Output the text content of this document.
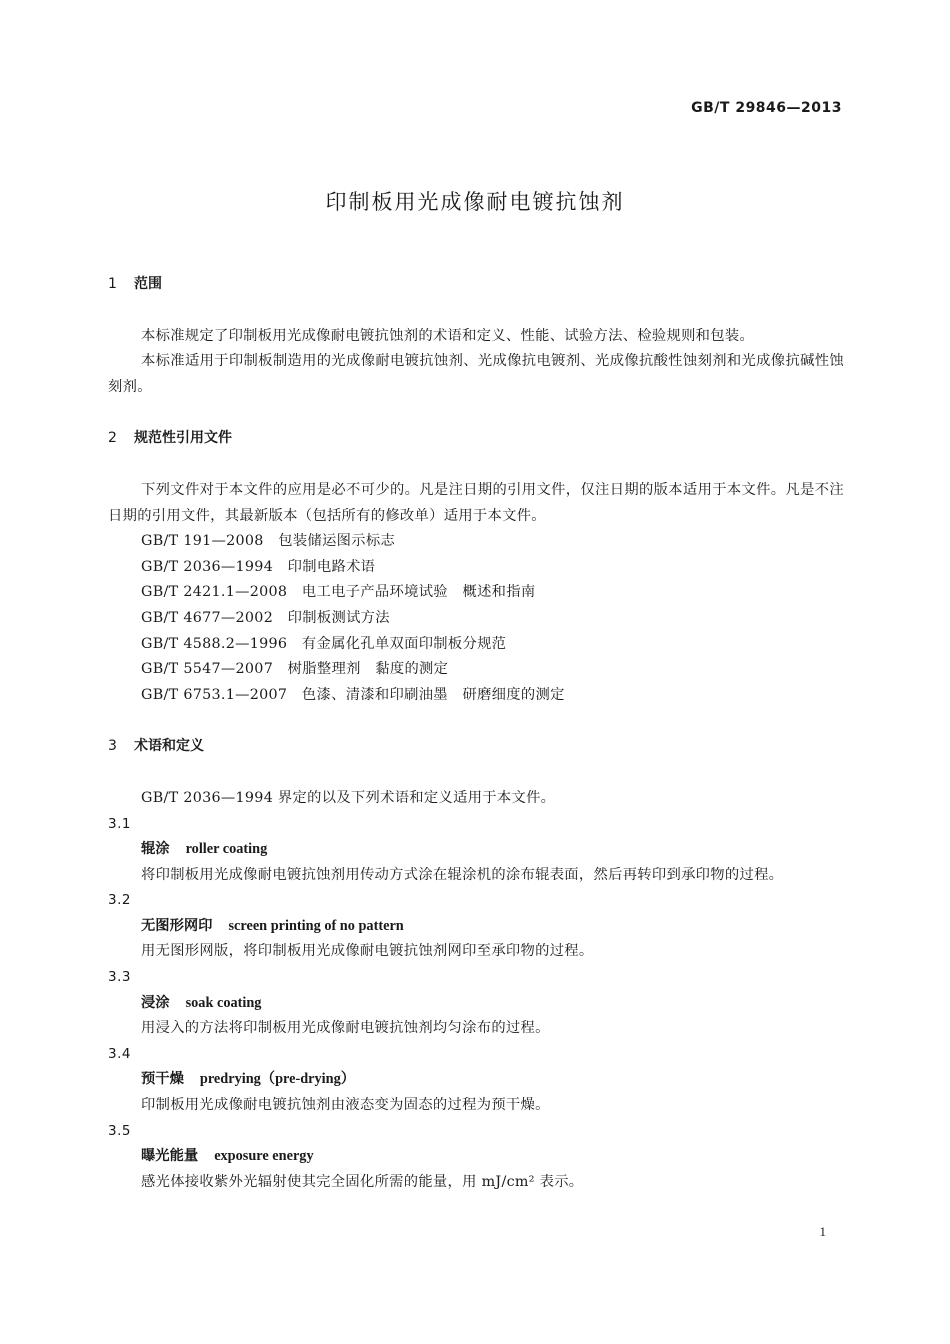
GB/T 29846—2013
印制板用光成像耐电镀抗蚀剂
1 范围
本标准规定了印制板用光成像耐电镀抗蚀剂的术语和定义、性能、试验方法、检验规则和包装。
本标准适用于印制板制造用的光成像耐电镀抗蚀剂、光成像抗电镀剂、光成像抗酸性蚀刻剂和光成像抗碱性蚀刻剂。
2 规范性引用文件
下列文件对于本文件的应用是必不可少的。凡是注日期的引用文件，仅注日期的版本适用于本文件。凡是不注日期的引用文件，其最新版本（包括所有的修改单）适用于本文件。
GB/T 191—2008　包装储运图示标志
GB/T 2036—1994　印制电路术语
GB/T 2421.1—2008　电工电子产品环境试验　概述和指南
GB/T 4677—2002　印制板测试方法
GB/T 4588.2—1996　有金属化孔单双面印制板分规范
GB/T 5547—2007　树脂整理剂　黏度的测定
GB/T 6753.1—2007　色漆、清漆和印刷油墨　研磨细度的测定
3 术语和定义
GB/T 2036—1994 界定的以及下列术语和定义适用于本文件。
3.1
辊涂 roller coating
将印制板用光成像耐电镀抗蚀剂用传动方式涂在辊涂机的涂布辊表面，然后再转印到承印物的过程。
3.2
无图形网印 screen printing of no pattern
用无图形网版，将印制板用光成像耐电镀抗蚀剂网印至承印物的过程。
3.3
浸涂 soak coating
用浸入的方法将印制板用光成像耐电镀抗蚀剂均匀涂布的过程。
3.4
预干燥 predrying（pre-drying）
印制板用光成像耐电镀抗蚀剂由液态变为固态的过程为预干燥。
3.5
曝光能量 exposure energy
感光体接收紫外光辐射使其完全固化所需的能量，用 mJ/cm² 表示。
1
